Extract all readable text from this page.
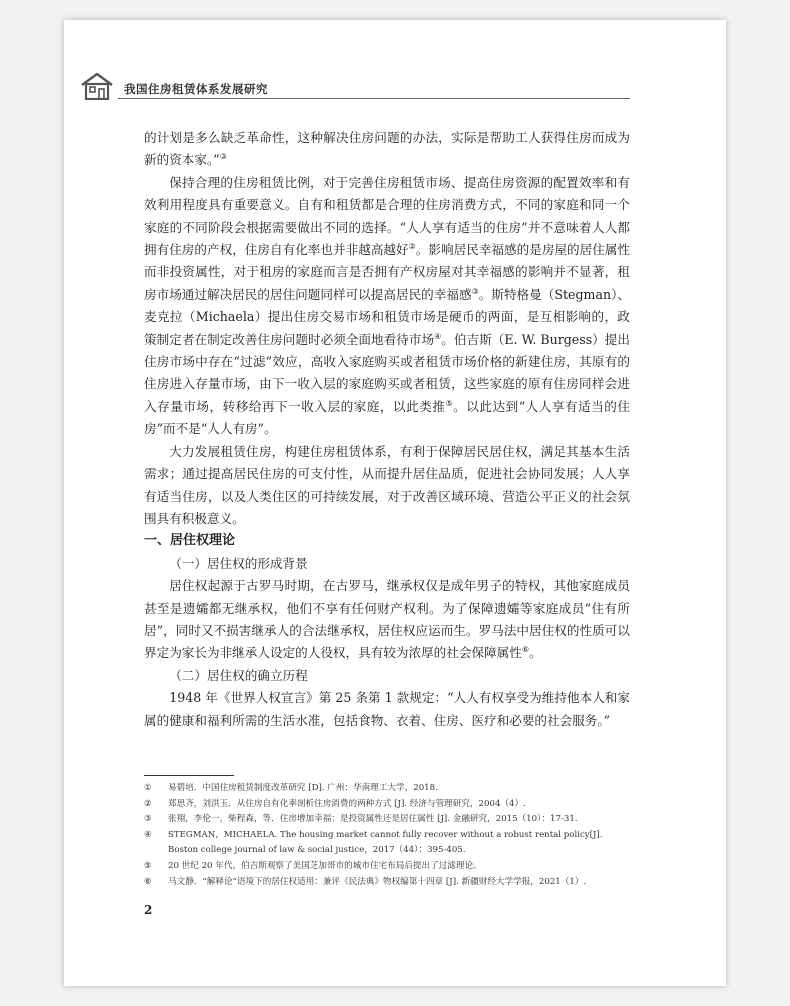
我国住房租赁体系发展研究

的计划是多么缺乏革命性，这种解决住房问题的办法，实际是帮助工人获得住房而成为新的资本家。”③

保持合理的住房租赁比例，对于完善住房租赁市场、提高住房资源的配置效率和有效利用程度具有重要意义。自有和租赁都是合理的住房消费方式，不同的家庭和同一个家庭的不同阶段会根据需要做出不同的选择。“人人享有适当的住房”并不意味着人人都拥有住房的产权，住房自有化率也并非越高越好②。影响居民幸福感的是房屋的居住属性而非投资属性，对于租房的家庭而言是否拥有产权房屋对其幸福感的影响并不显著，租房市场通过解决居民的居住问题同样可以提高居民的幸福感③。斯特格曼（Stegman）、麦克拉（Michaela）提出住房交易市场和租赁市场是硬币的两面，是互相影响的，政策制定者在制定改善住房问题时必须全面地看待市场④。伯吉斯（E. W. Burgess）提出住房市场中存在“过滤”效应，高收入家庭购买或者租赁市场价格的新建住房，其原有的住房进入存量市场，由下一收入层的家庭购买或者租赁，这些家庭的原有住房同样会进入存量市场，转移给再下一收入层的家庭，以此类推⑤。以此达到“人人享有适当的住房”而不是“人人有房”。

大力发展租赁住房，构建住房租赁体系，有利于保障居民居住权，满足其基本生活需求；通过提高居民住房的可支付性，从而提升居住品质，促进社会协同发展；人人享有适当住房，以及人类住区的可持续发展，对于改善区域环境、营造公平正义的社会氛围具有积极意义。

一、居住权理论

（一）居住权的形成背景

居住权起源于古罗马时期，在古罗马，继承权仅是成年男子的特权，其他家庭成员甚至是遗孀都无继承权，他们不享有任何财产权利。为了保障遗孀等家庭成员“住有所居”，同时又不损害继承人的合法继承权，居住权应运而生。罗马法中居住权的性质可以界定为家长为非继承人设定的人役权，具有较为浓厚的社会保障属性⑥。

（二）居住权的确立历程

1948 年《世界人权宣言》第 25 条第 1 款规定：“人人有权享受为维持他本人和家属的健康和福利所需的生活水准，包括食物、衣着、住房、医疗和必要的社会服务。”

①	易碧培．中国住房租赁制度改革研究 [D]. 广州：华南理工大学，2018.
②	郑思齐，刘洪玉．从住房自有化率剖析住房消费的两种方式 [J]. 经济与管理研究，2004（4）.
③	张翔，李伦一，柴程森，等．住房增加幸福：是投资属性还是居住属性 [J]. 金融研究，2015（10）：17-31.
④	STEGMAN，MICHAELA. The housing market cannot fully recover without a robust rental policy[J]. Boston college journal of law & social justice，2017（44）：395-405.
⑤	20 世纪 20 年代，伯吉斯观察了美国芝加哥市的城市住宅布局后提出了过滤理论。
⑥	马文静．“解释论”语境下的居住权适用：兼评《民法典》物权编第十四章 [J]. 新疆财经大学学报，2021（1）.
2
